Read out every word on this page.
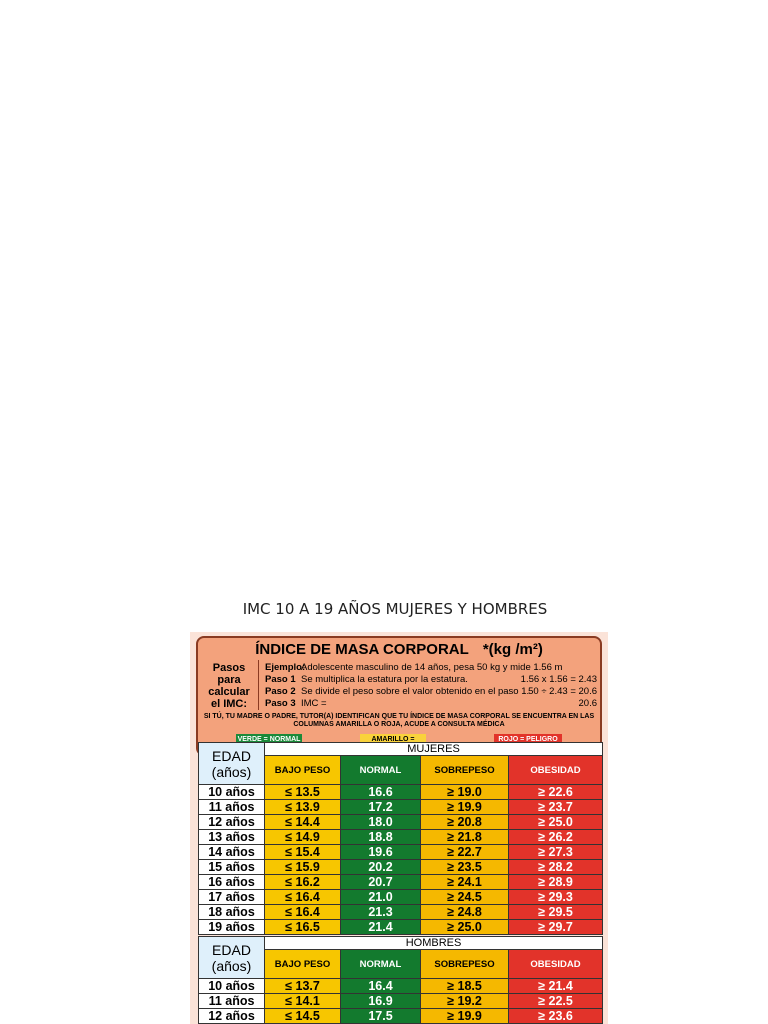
IMC 10 A 19 AÑOS MUJERES Y HOMBRES
ÍNDICE DE MASA CORPORAL *(kg /m²)
Pasos para calcular el IMC:
Ejemplo:Adolescente masculino de 14 años, pesa 50 kg y mide 1.56 m
Paso 1 Se multiplica la estatura por la estatura.	1.56 x 1.56 = 2.43
Paso 2 Se divide el peso sobre el valor obtenido en el paso 1.
50 ÷ 2.43 = 20.6
Paso 3 IMC =	20.6
SI TÚ, TU MADRE O PADRE, TUTOR(A) IDENTIFICAN QUE TU ÍNDICE DE MASA CORPORAL SE ENCUENTRA EN LAS COLUMNAS AMARILLA O ROJA, ACUDE A CONSULTA MÉDICA
VERDE = NORMAL	AMARILLO =	ROJO = PELIGRO
EDAD
(años)	MUJERES			
	BAJO PESO	NORMAL	SOBREPESO	OBESIDAD
10 años	≤ 13.5	16.6	≥ 19.0	≥ 22.6
11 años	≤ 13.9	17.2	≥ 19.9	≥ 23.7
12 años	≤ 14.4	18.0	≥ 20.8	≥ 25.0
13 años	≤ 14.9	18.8	≥ 21.8	≥ 26.2
14 años	≤ 15.4	19.6	≥ 22.7	≥ 27.3
15 años	≤ 15.9	20.2	≥ 23.5	≥ 28.2
16 años	≤ 16.2	20.7	≥ 24.1	≥ 28.9
17 años	≤ 16.4	21.0	≥ 24.5	≥ 29.3
18 años	≤ 16.4	21.3	≥ 24.8	≥ 29.5
19 años	≤ 16.5	21.4	≥ 25.0	≥ 29.7
EDAD
(años)	HOMBRES			
	BAJO PESO	NORMAL	SOBREPESO	OBESIDAD
10 años	≤ 13.7	16.4	≥ 18.5	≥ 21.4
11 años	≤ 14.1	16.9	≥ 19.2	≥ 22.5
12 años	≤ 14.5	17.5	≥ 19.9	≥ 23.6
